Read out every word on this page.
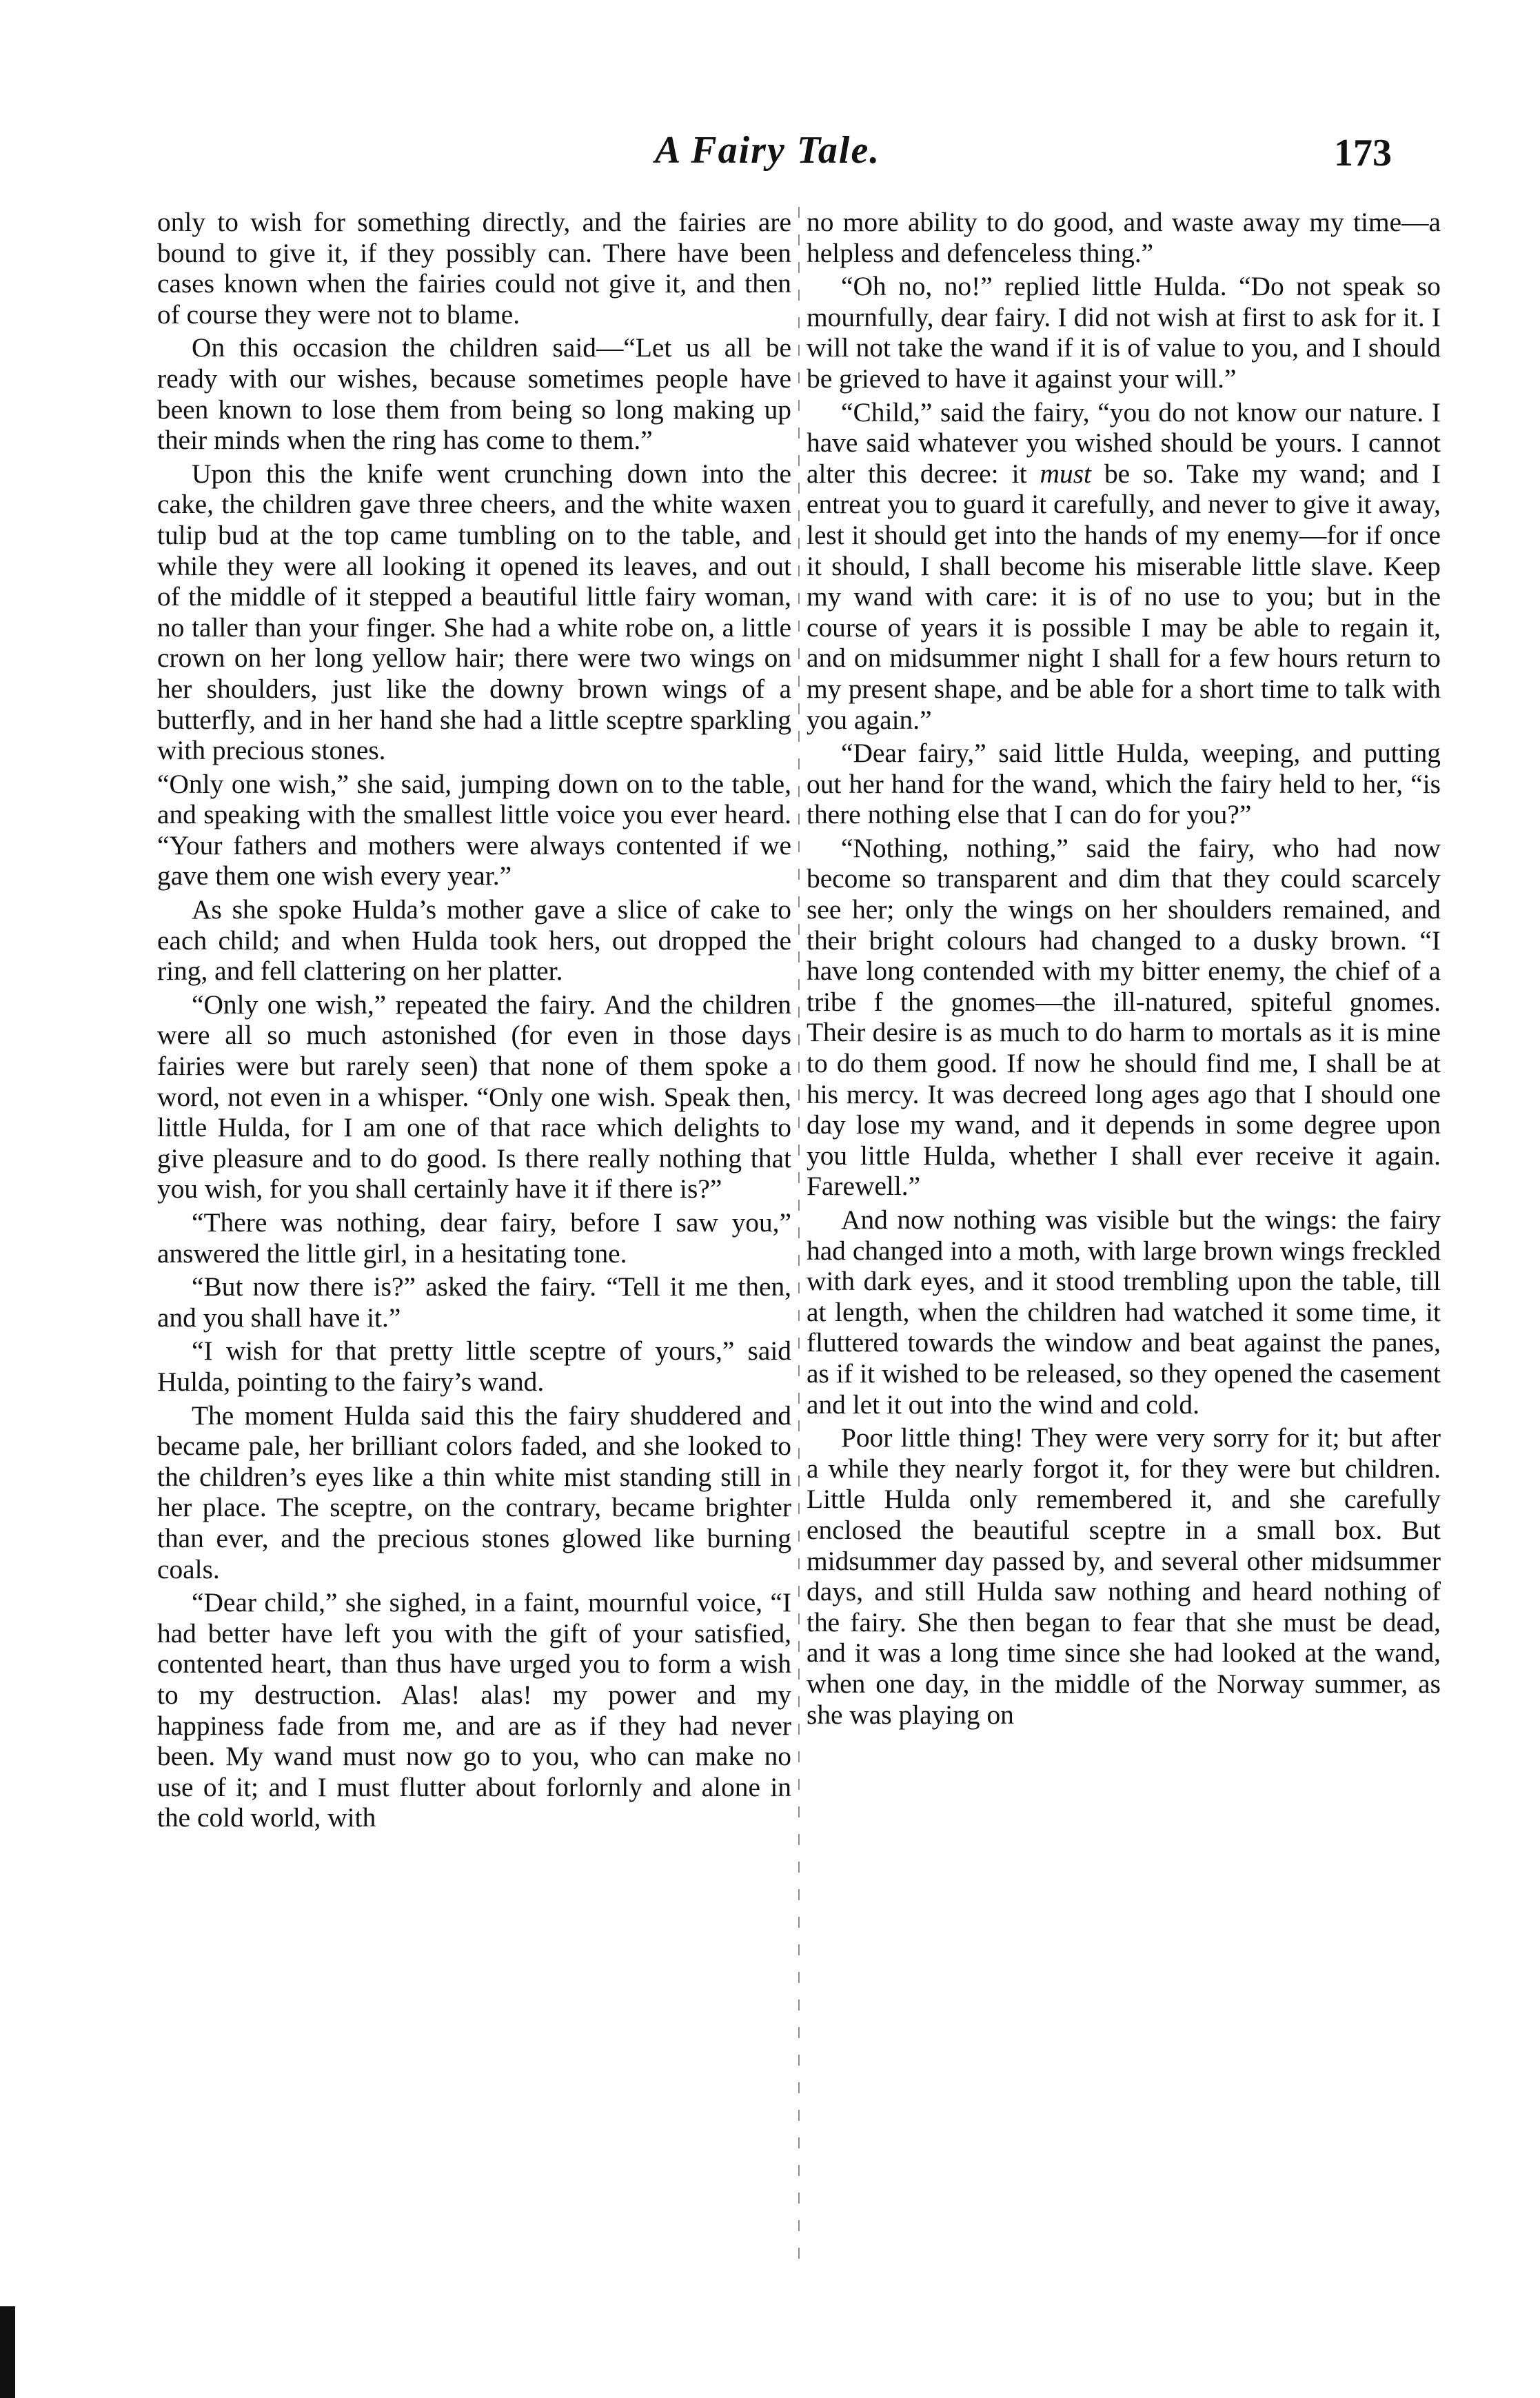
A Fairy Tale.	173

only to wish for something directly, and the fairies are bound to give it, if they possibly can. There have been cases known when the fairies could not give it, and then of course they were not to blame.

On this occasion the children said—“Let us all be ready with our wishes, because sometimes people have been known to lose them from being so long making up their minds when the ring has come to them.”

Upon this the knife went crunching down into the cake, the children gave three cheers, and the white waxen tulip bud at the top came tumbling on to the table, and while they were all looking it opened its leaves, and out of the middle of it stepped a beautiful little fairy woman, no taller than your finger. She had a white robe on, a little crown on her long yellow hair; there were two wings on her shoulders, just like the downy brown wings of a butterfly, and in her hand she had a little sceptre sparkling with precious stones.

“Only one wish,” she said, jumping down on to the table, and speaking with the smallest little voice you ever heard. “Your fathers and mothers were always contented if we gave them one wish every year.”

As she spoke Hulda’s mother gave a slice of cake to each child; and when Hulda took hers, out dropped the ring, and fell clattering on her platter.

“Only one wish,” repeated the fairy. And the children were all so much astonished (for even in those days fairies were but rarely seen) that none of them spoke a word, not even in a whisper. “Only one wish. Speak then, little Hulda, for I am one of that race which delights to give pleasure and to do good. Is there really nothing that you wish, for you shall certainly have it if there is?”

“There was nothing, dear fairy, before I saw you,” answered the little girl, in a hesitating tone.

“But now there is?” asked the fairy. “Tell it me then, and you shall have it.”

“I wish for that pretty little sceptre of yours,” said Hulda, pointing to the fairy’s wand.

The moment Hulda said this the fairy shuddered and became pale, her brilliant colors faded, and she looked to the children’s eyes like a thin white mist standing still in her place. The sceptre, on the contrary, became brighter than ever, and the precious stones glowed like burning coals.

“Dear child,” she sighed, in a faint, mournful voice, “I had better have left you with the gift of your satisfied, contented heart, than thus have urged you to form a wish to my destruction. Alas! alas! my power and my happiness fade from me, and are as if they had never been. My wand must now go to you, who can make no use of it; and I must flutter about forlornly and alone in the cold world, with

no more ability to do good, and waste away my time—a helpless and defenceless thing.”

“Oh no, no!” replied little Hulda. “Do not speak so mournfully, dear fairy. I did not wish at first to ask for it. I will not take the wand if it is of value to you, and I should be grieved to have it against your will.”

“Child,” said the fairy, “you do not know our nature. I have said whatever you wished should be yours. I cannot alter this decree: it must be so. Take my wand; and I entreat you to guard it carefully, and never to give it away, lest it should get into the hands of my enemy—for if once it should, I shall become his miserable little slave. Keep my wand with care: it is of no use to you; but in the course of years it is possible I may be able to regain it, and on midsummer night I shall for a few hours return to my present shape, and be able for a short time to talk with you again.”

“Dear fairy,” said little Hulda, weeping, and putting out her hand for the wand, which the fairy held to her, “is there nothing else that I can do for you?”

“Nothing, nothing,” said the fairy, who had now become so transparent and dim that they could scarcely see her; only the wings on her shoulders remained, and their bright colours had changed to a dusky brown. “I have long contended with my bitter enemy, the chief of a tribe f the gnomes—the ill-natured, spiteful gnomes. Their desire is as much to do harm to mortals as it is mine to do them good. If now he should find me, I shall be at his mercy. It was decreed long ages ago that I should one day lose my wand, and it depends in some degree upon you little Hulda, whether I shall ever receive it again. Farewell.”

And now nothing was visible but the wings: the fairy had changed into a moth, with large brown wings freckled with dark eyes, and it stood trembling upon the table, till at length, when the children had watched it some time, it fluttered towards the window and beat against the panes, as if it wished to be released, so they opened the casement and let it out into the wind and cold.

Poor little thing! They were very sorry for it; but after a while they nearly forgot it, for they were but children. Little Hulda only remembered it, and she carefully enclosed the beautiful sceptre in a small box. But midsummer day passed by, and several other midsummer days, and still Hulda saw nothing and heard nothing of the fairy. She then began to fear that she must be dead, and it was a long time since she had looked at the wand, when one day, in the middle of the Norway summer, as she was playing on
